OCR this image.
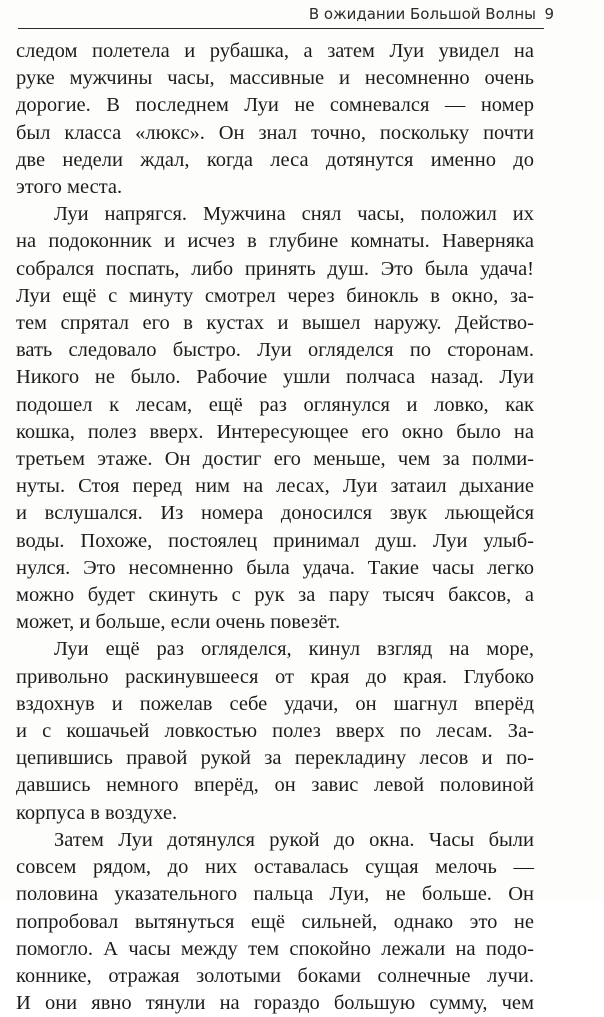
В ожидании Большой Волны 9
следом полетела и рубашка, а затем Луи увидел на
руке мужчины часы, массивные и несомненно очень
дорогие. В последнем Луи не сомневался — номер
был класса «люкс». Он знал точно, поскольку почти
две недели ждал, когда леса дотянутся именно до
этого места.
Луи напрягся. Мужчина снял часы, положил их
на подоконник и исчез в глубине комнаты. Наверняка
собрался поспать, либо принять душ. Это была удача!
Луи ещё с минуту смотрел через бинокль в окно, за-
тем спрятал его в кустах и вышел наружу. Действо-
вать следовало быстро. Луи огляделся по сторонам.
Никого не было. Рабочие ушли полчаса назад. Луи
подошел к лесам, ещё раз оглянулся и ловко, как
кошка, полез вверх. Интересующее его окно было на
третьем этаже. Он достиг его меньше, чем за полми-
нуты. Стоя перед ним на лесах, Луи затаил дыхание
и вслушался. Из номера доносился звук льющейся
воды. Похоже, постоялец принимал душ. Луи улыб-
нулся. Это несомненно была удача. Такие часы легко
можно будет скинуть с рук за пару тысяч баксов, а
может, и больше, если очень повезёт.
Луи ещё раз огляделся, кинул взгляд на море,
привольно раскинувшееся от края до края. Глубоко
вздохнув и пожелав себе удачи, он шагнул вперёд
и с кошачьей ловкостью полез вверх по лесам. За-
цепившись правой рукой за перекладину лесов и по-
давшись немного вперёд, он завис левой половиной
корпуса в воздухе.
Затем Луи дотянулся рукой до окна. Часы были
совсем рядом, до них оставалась сущая мелочь —
половина указательного пальца Луи, не больше. Он
попробовал вытянуться ещё сильней, однако это не
помогло. А часы между тем спокойно лежали на подо-
коннике, отражая золотыми боками солнечные лучи.
И они явно тянули на гораздо большую сумму, чем
